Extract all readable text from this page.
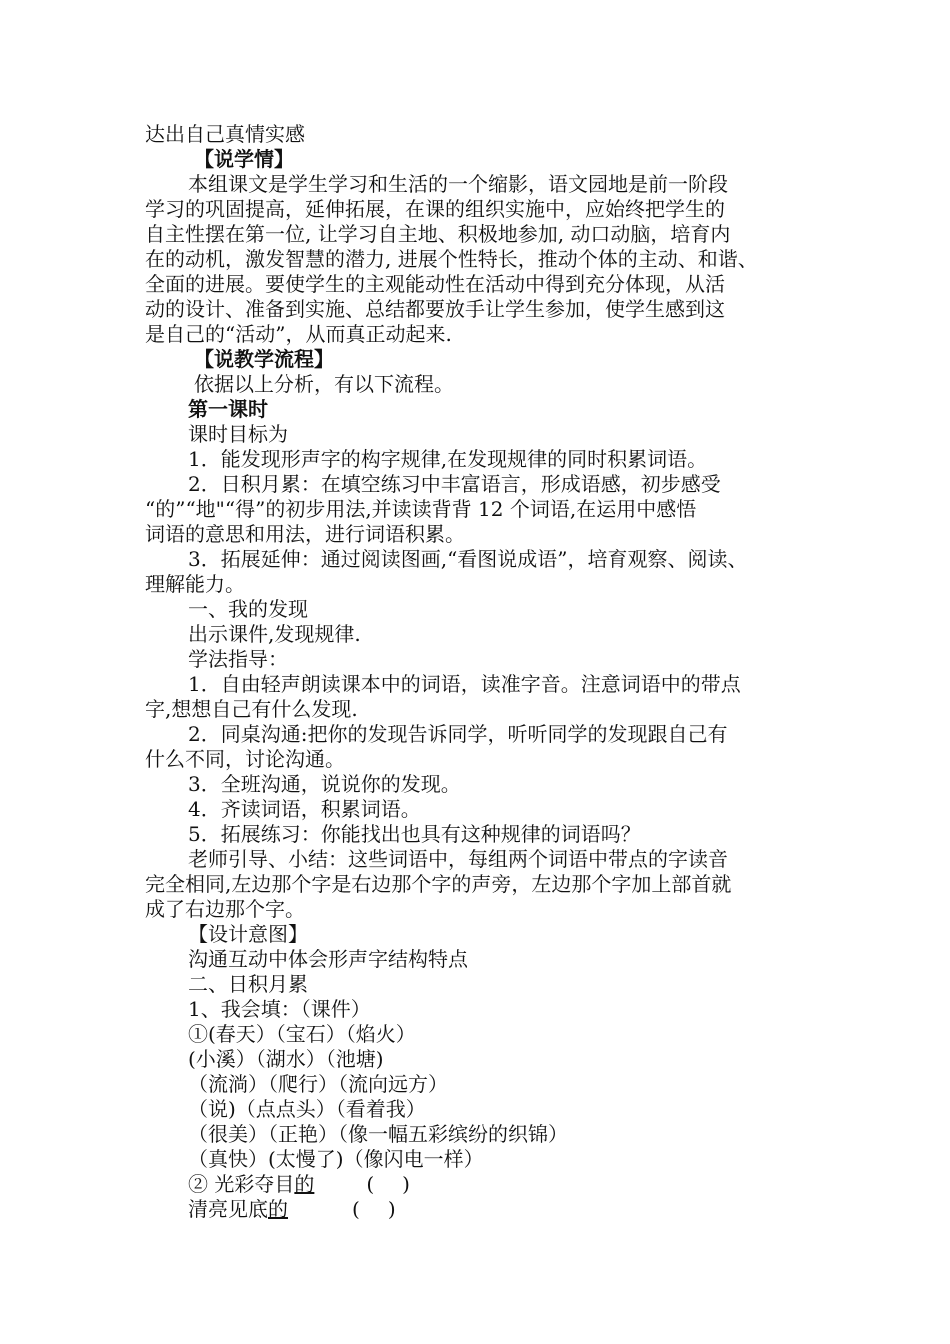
达出自己真情实感
【说学情】
本组课文是学生学习和生活的一个缩影，语文园地是前一阶段
学习的巩固提高，延伸拓展，在课的组织实施中，应始终把学生的
自主性摆在第一位, 让学习自主地、积极地参加, 动口动脑，培育内
在的动机，激发智慧的潜力, 进展个性特长，推动个体的主动、和谐、
全面的进展。要使学生的主观能动性在活动中得到充分体现，从活
动的设计、准备到实施、总结都要放手让学生参加，使学生感到这
是自己的“活动”，从而真正动起来.
【说教学流程】
依据以上分析，有以下流程。
第一课时
课时目标为
1．能发现形声字的构字规律,在发现规律的同时积累词语。
2．日积月累：在填空练习中丰富语言，形成语感，初步感受
“的”“地"“得”的初步用法,并读读背背 12 个词语,在运用中感悟
词语的意思和用法，进行词语积累。
3．拓展延伸：通过阅读图画,“看图说成语”，培育观察、阅读、
理解能力。
一、我的发现
出示课件,发现规律.
学法指导：
1．自由轻声朗读课本中的词语，读准字音。注意词语中的带点
字,想想自己有什么发现.
2．同桌沟通:把你的发现告诉同学，听听同学的发现跟自己有
什么不同，讨论沟通。
3．全班沟通，说说你的发现。
4．齐读词语，积累词语。
5．拓展练习：你能找出也具有这种规律的词语吗？
老师引导、小结：这些词语中，每组两个词语中带点的字读音
完全相同,左边那个字是右边那个字的声旁，左边那个字加上部首就
成了右边那个字。
【设计意图】
沟通互动中体会形声字结构特点
二、日积月累
1、我会填：（课件）
①(春天）（宝石）（焰火）
(小溪）（湖水）（池塘)
（流淌）（爬行）（流向远方）
（说)（点点头）（看着我）
（很美）（正艳）（像一幅五彩缤纷的织锦）
（真快）(太慢了)（像闪电一样）
② 光彩夺目的	( )
清亮见底的	( )
